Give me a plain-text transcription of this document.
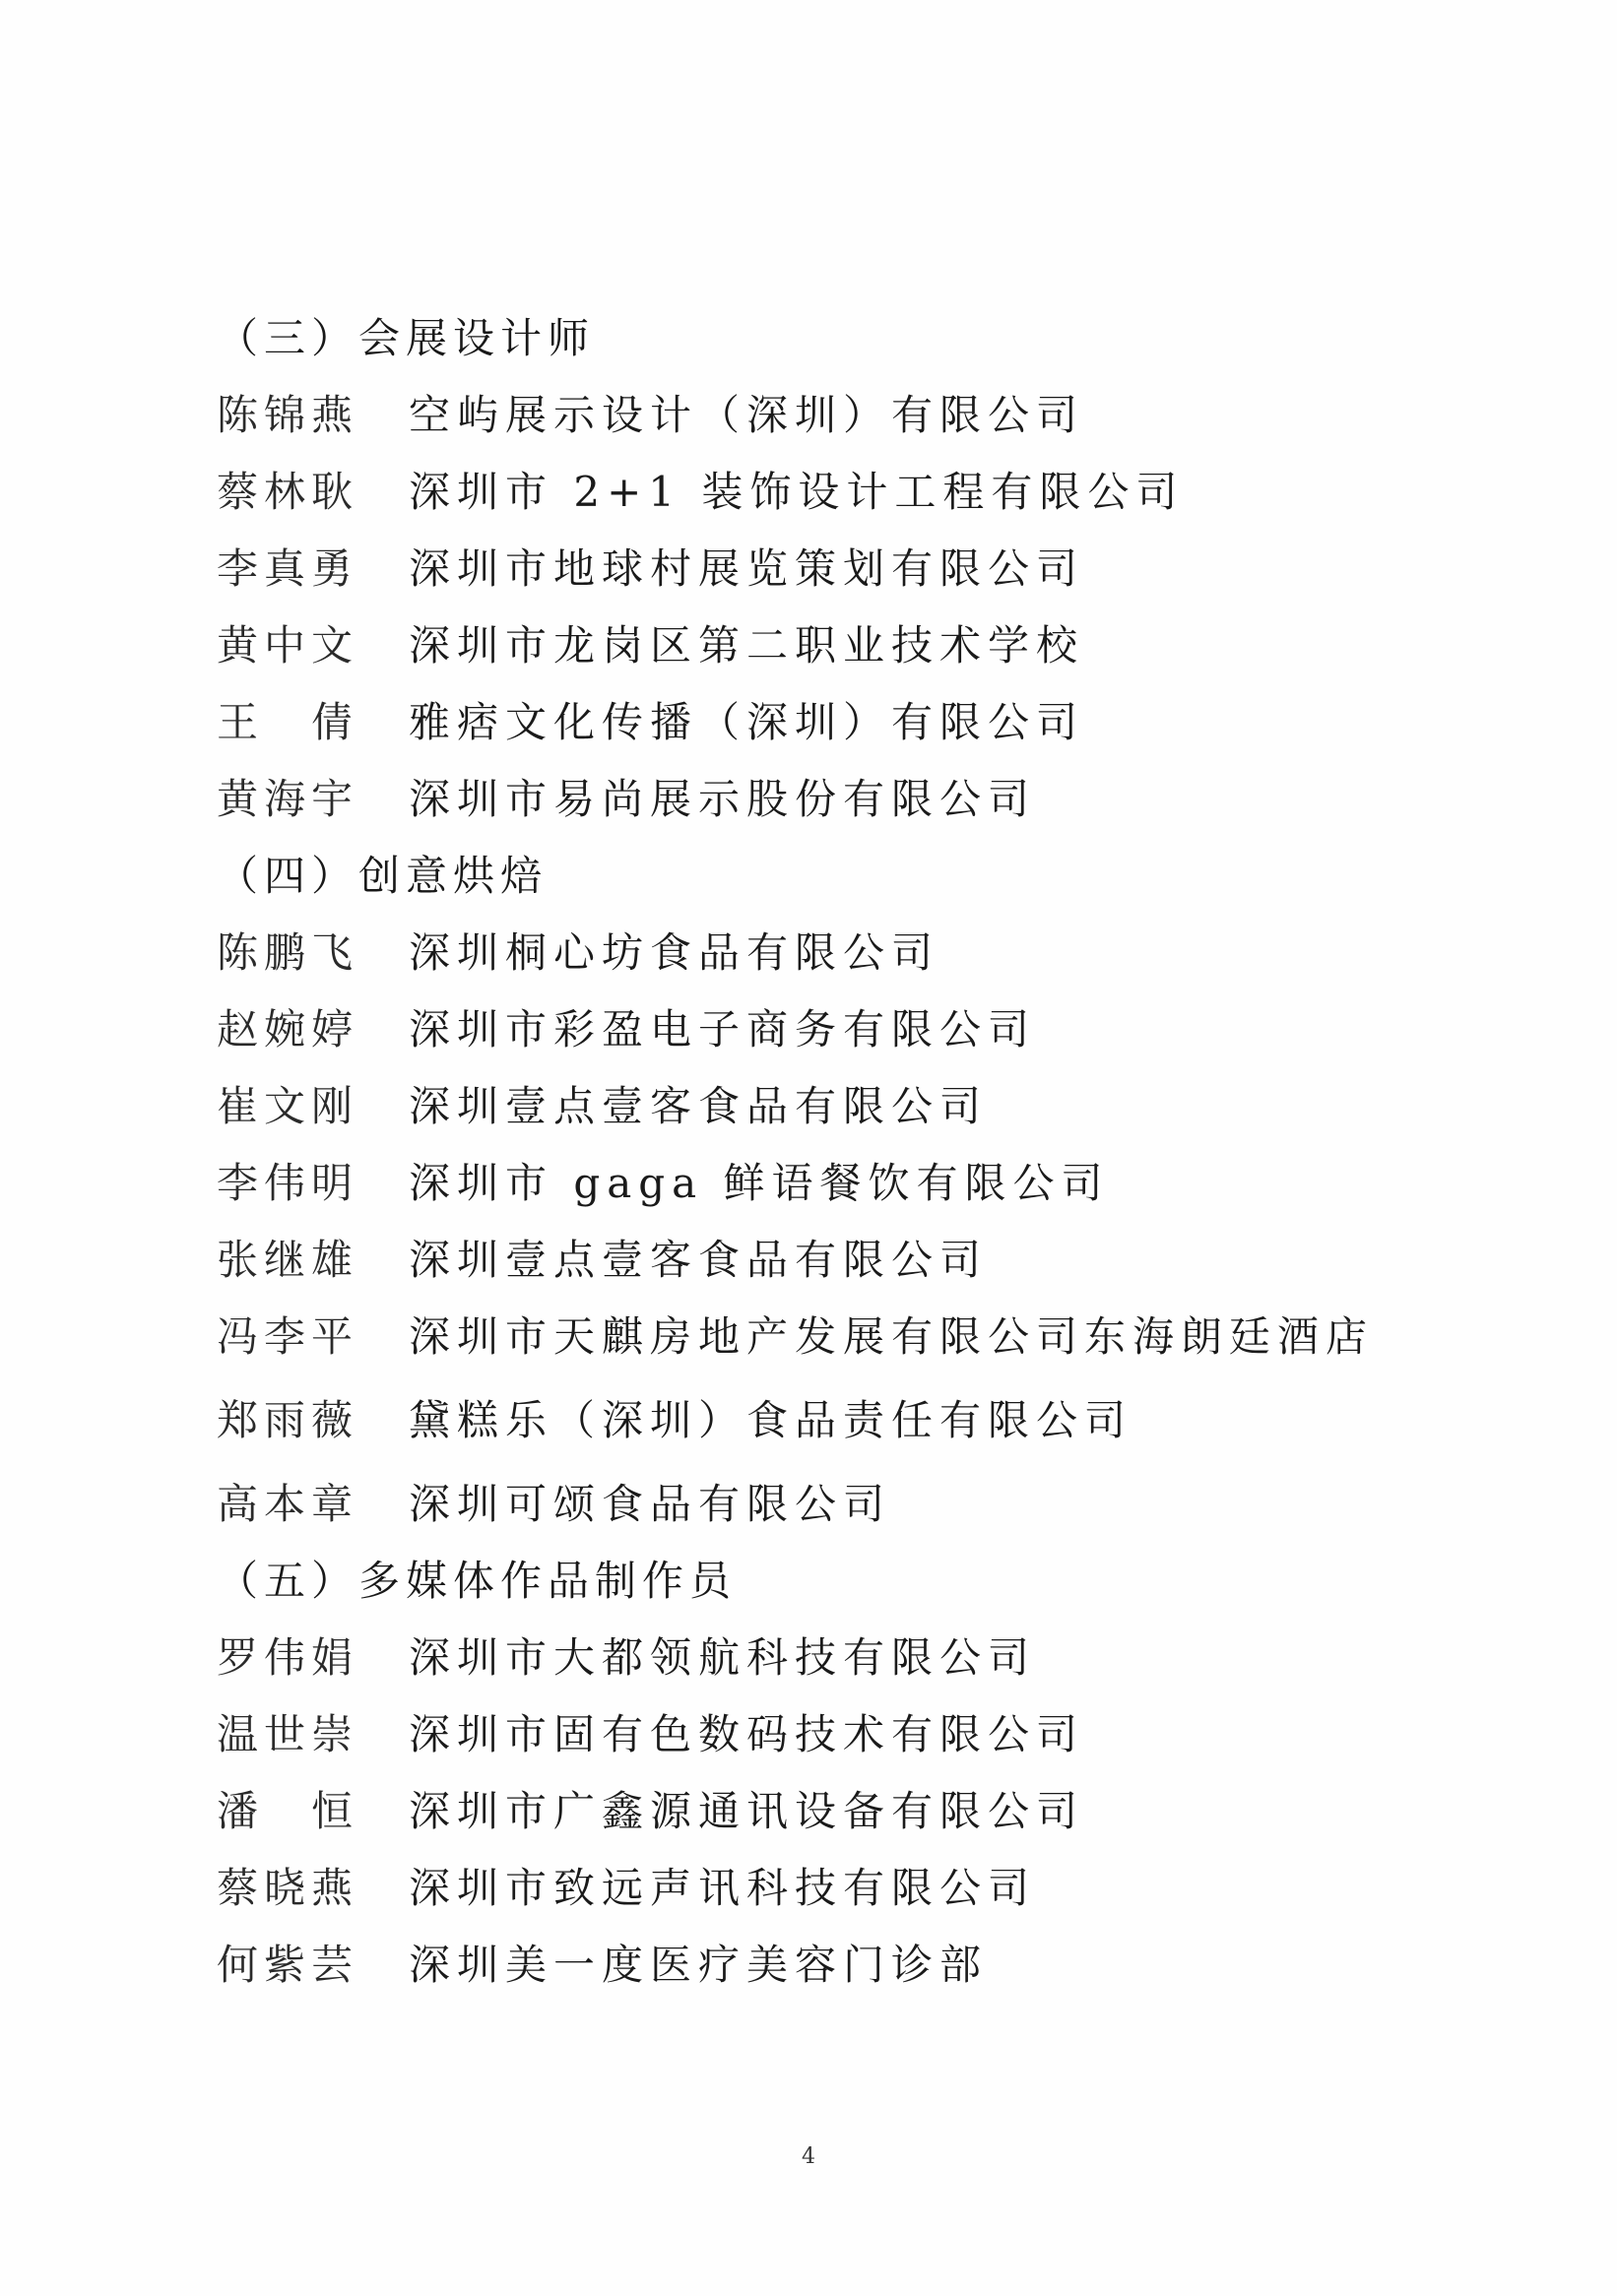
（三）会展设计师
陈锦燕	空屿展示设计（深圳）有限公司
蔡林耿	深圳市 2+1 装饰设计工程有限公司
李真勇	深圳市地球村展览策划有限公司
黄中文	深圳市龙岗区第二职业技术学校
王　倩	雅痞文化传播（深圳）有限公司
黄海宇	深圳市易尚展示股份有限公司
（四）创意烘焙
陈鹏飞	深圳桐心坊食品有限公司
赵婉婷	深圳市彩盈电子商务有限公司
崔文刚	深圳壹点壹客食品有限公司
李伟明	深圳市 gaga 鲜语餐饮有限公司
张继雄	深圳壹点壹客食品有限公司
冯李平	深圳市天麒房地产发展有限公司东海朗廷酒店
郑雨薇	黛糕乐（深圳）食品责任有限公司
高本章	深圳可颂食品有限公司
（五）多媒体作品制作员
罗伟娟	深圳市大都领航科技有限公司
温世崇	深圳市固有色数码技术有限公司
潘　恒	深圳市广鑫源通讯设备有限公司
蔡晓燕	深圳市致远声讯科技有限公司
何紫芸	深圳美一度医疗美容门诊部
4
